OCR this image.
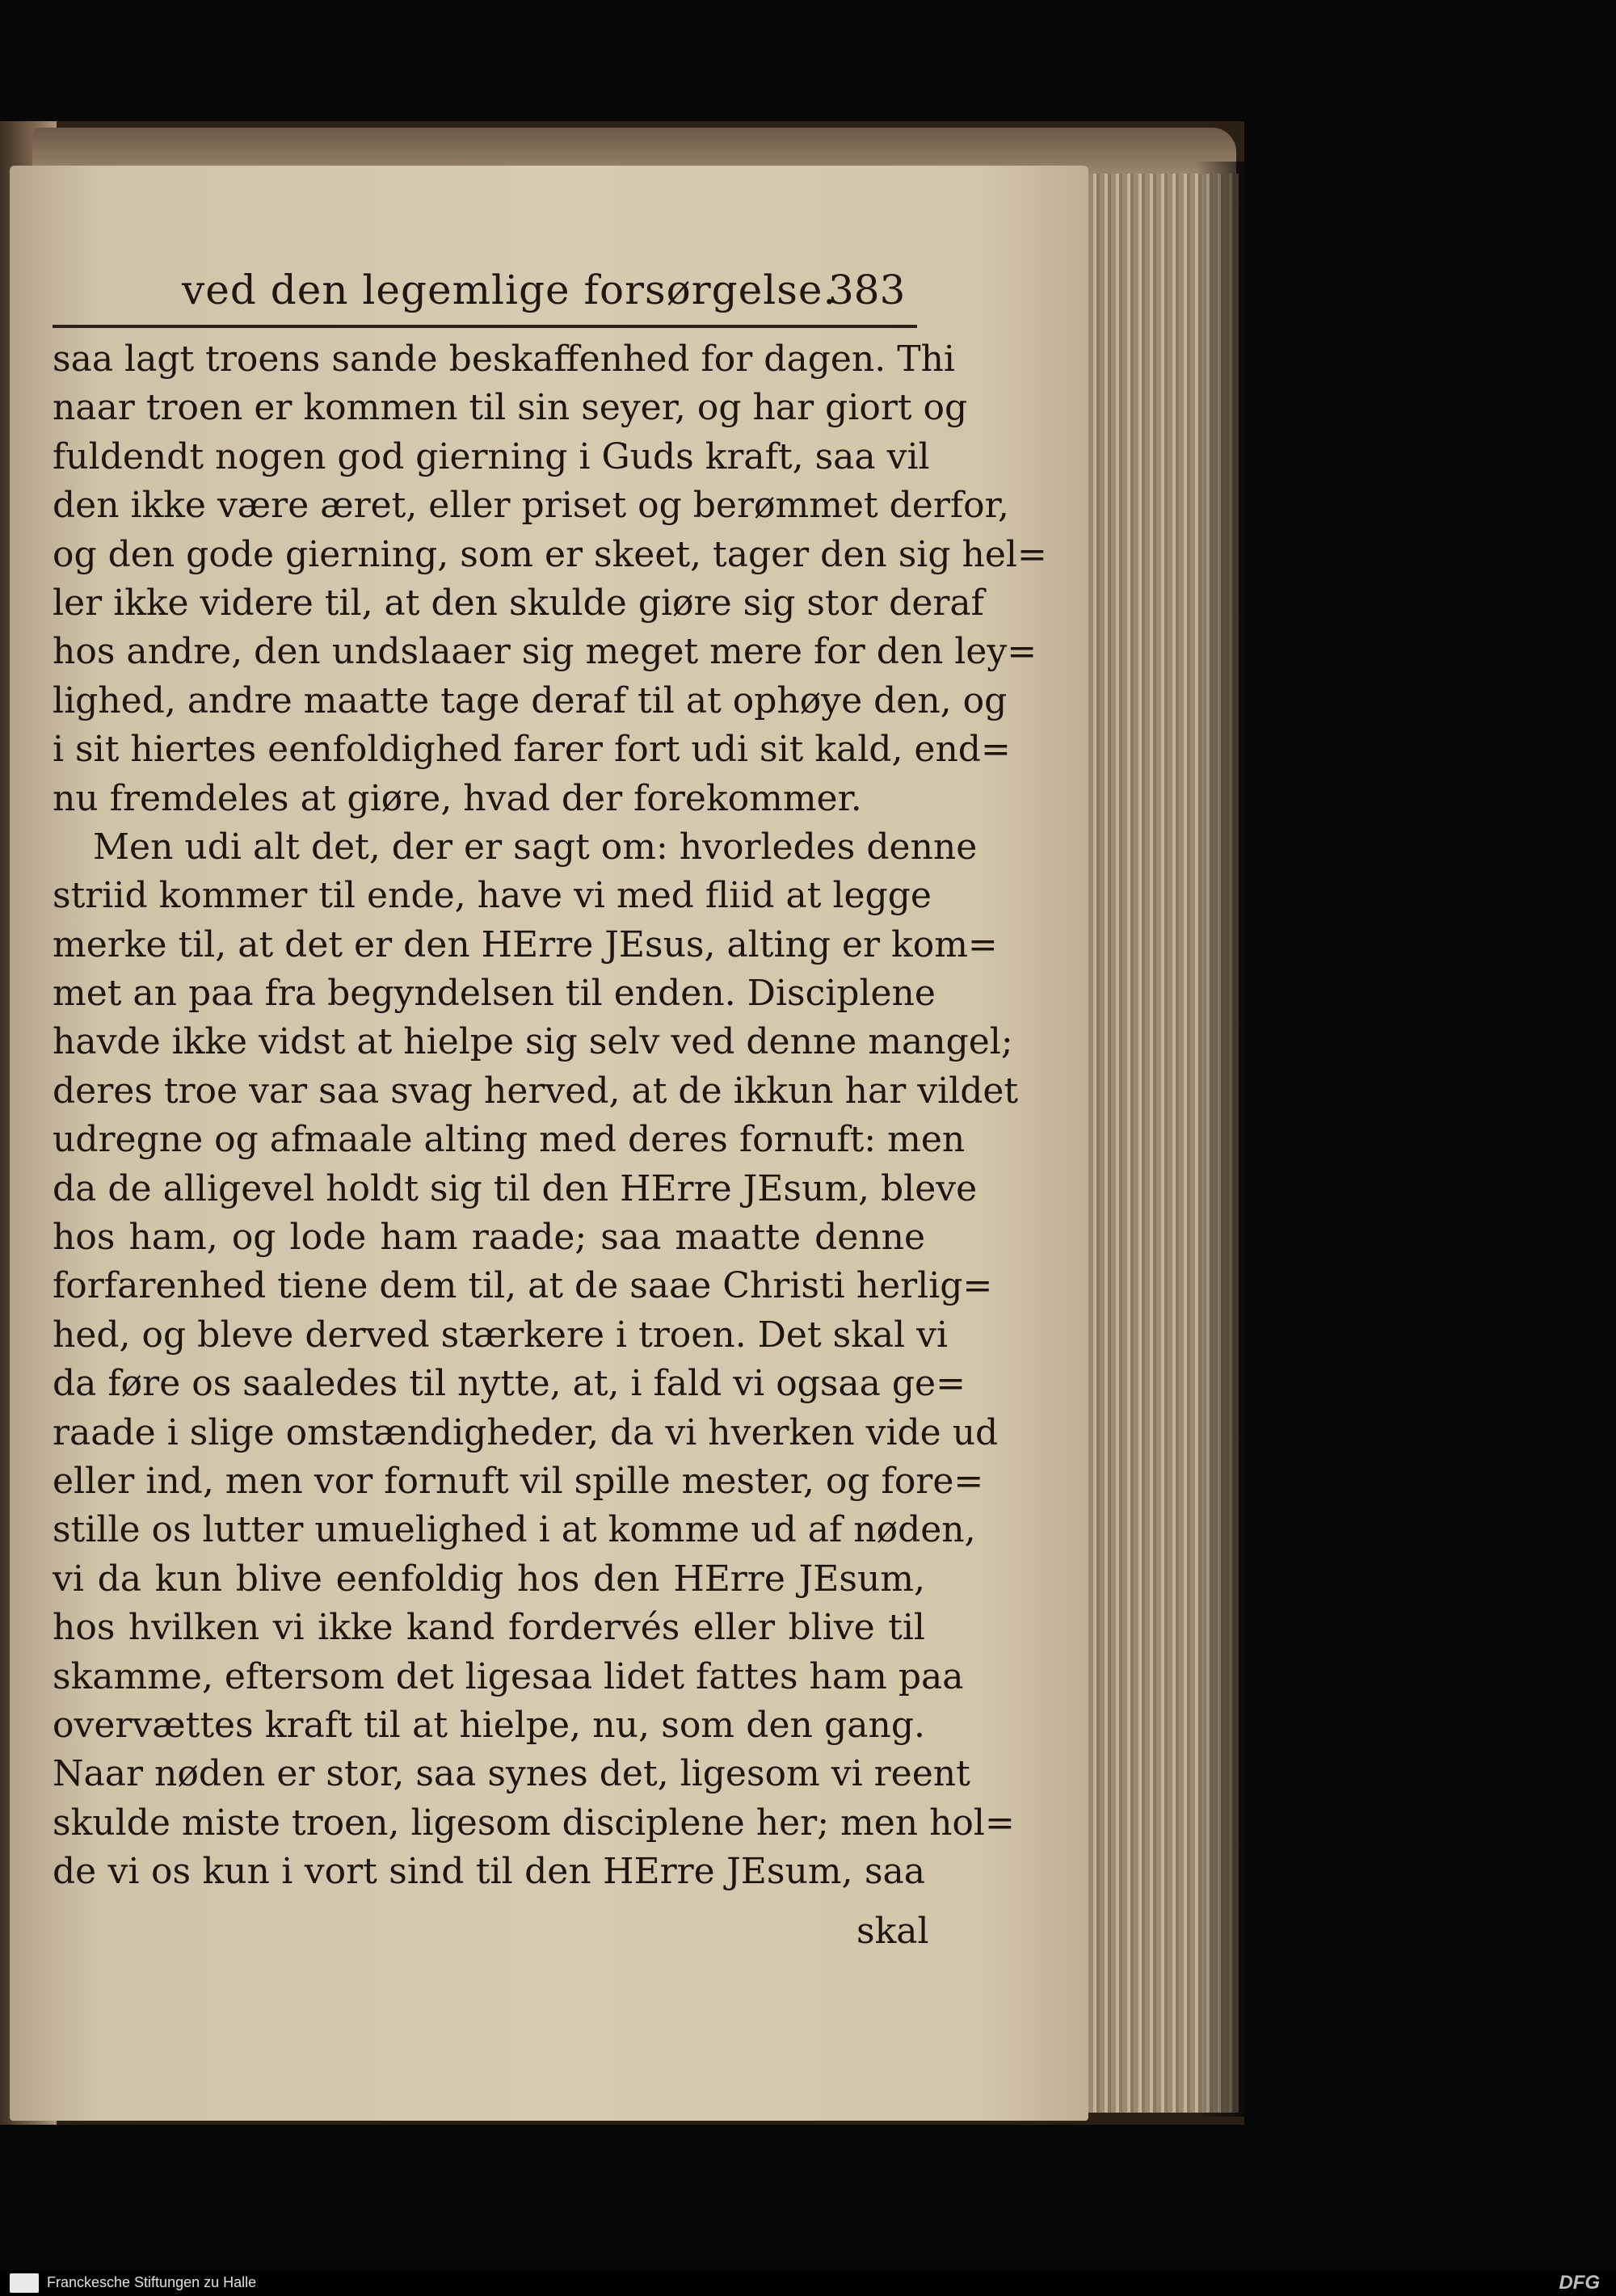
ved den legemlige forsørgelse.
383
saa lagt troens sande beskaffenhed for dagen. Thi
naar troen er kommen til sin seyer, og har giort og
fuldendt nogen god gierning i Guds kraft, saa vil
den ikke være æret, eller priset og berømmet derfor,
og den gode gierning, som er skeet, tager den sig hel=
ler ikke videre til, at den skulde giøre sig stor deraf
hos andre, den undslaaer sig meget mere for den ley=
lighed, andre maatte tage deraf til at ophøye den, og
i sit hiertes eenfoldighed farer fort udi sit kald, end=
nu fremdeles at giøre, hvad der forekommer.
Men udi alt det, der er sagt om: hvorledes denne
striid kommer til ende, have vi med fliid at legge
merke til, at det er den HErre JEsus, alting er kom=
met an paa fra begyndelsen til enden. Disciplene
havde ikke vidst at hielpe sig selv ved denne mangel;
deres troe var saa svag herved, at de ikkun har vildet
udregne og afmaale alting med deres fornuft: men
da de alligevel holdt sig til den HErre JEsum, bleve
hos ham, og lode ham raade; saa maatte denne
forfarenhed tiene dem til, at de saae Christi herlig=
hed, og bleve derved stærkere i troen. Det skal vi
da føre os saaledes til nytte, at, i fald vi ogsaa ge=
raade i slige omstændigheder, da vi hverken vide ud
eller ind, men vor fornuft vil spille mester, og fore=
stille os lutter umuelighed i at komme ud af nøden,
vi da kun blive eenfoldig hos den HErre JEsum,
hos hvilken vi ikke kand fordervés eller blive til
skamme, eftersom det ligesaa lidet fattes ham paa
overvættes kraft til at hielpe, nu, som den gang.
Naar nøden er stor, saa synes det, ligesom vi reent
skulde miste troen, ligesom disciplene her; men hol=
de vi os kun i vort sind til den HErre JEsum, saa
skal
Franckesche Stiftungen zu Halle	DFG
